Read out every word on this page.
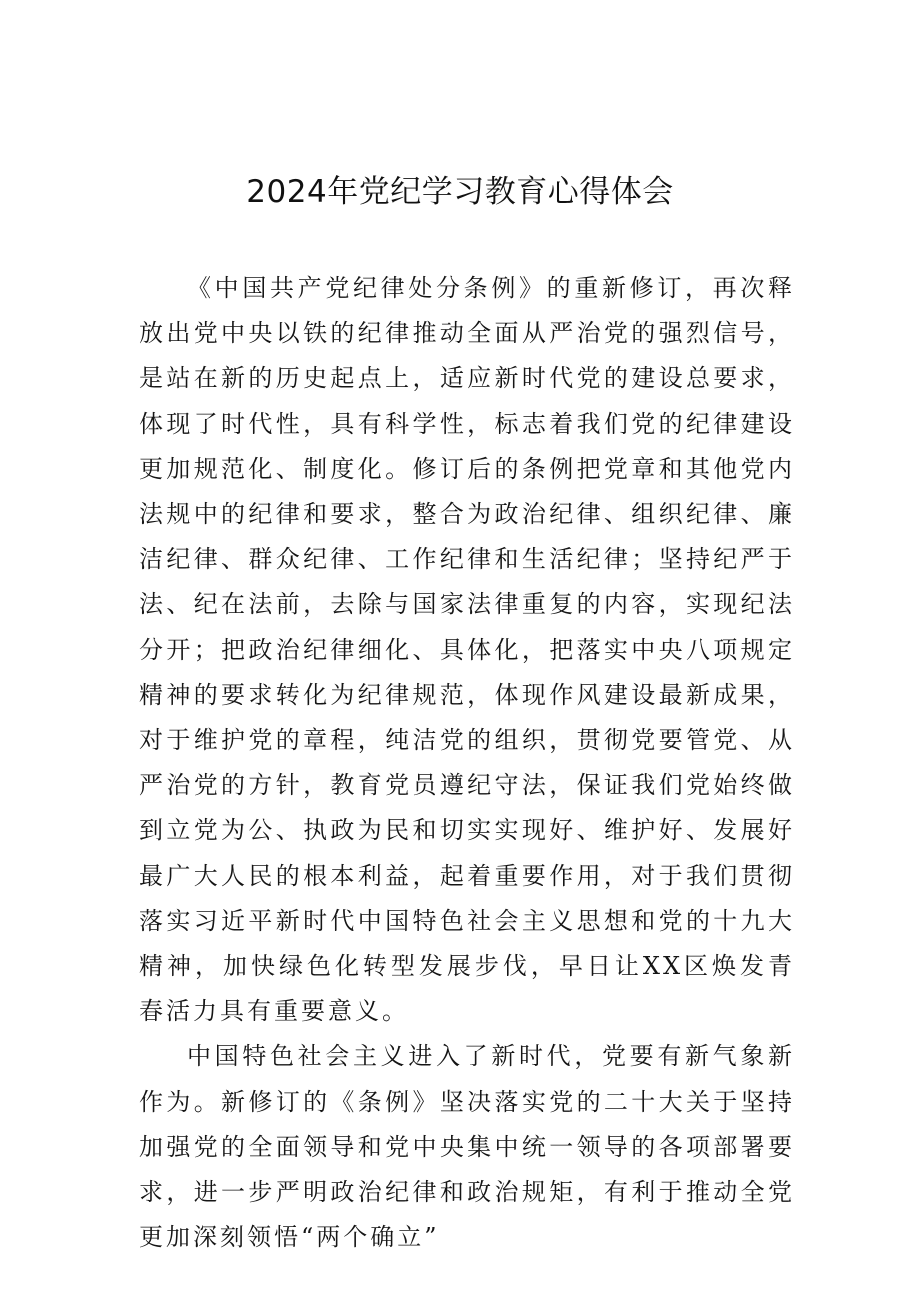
2024年党纪学习教育心得体会

《中国共产党纪律处分条例》的重新修订，再次释放出党中央以铁的纪律推动全面从严治党的强烈信号，是站在新的历史起点上，适应新时代党的建设总要求，体现了时代性，具有科学性，标志着我们党的纪律建设更加规范化、制度化。修订后的条例把党章和其他党内法规中的纪律和要求，整合为政治纪律、组织纪律、廉洁纪律、群众纪律、工作纪律和生活纪律；坚持纪严于法、纪在法前，去除与国家法律重复的内容，实现纪法分开；把政治纪律细化、具体化，把落实中央八项规定精神的要求转化为纪律规范，体现作风建设最新成果，对于维护党的章程，纯洁党的组织，贯彻党要管党、从严治党的方针，教育党员遵纪守法，保证我们党始终做到立党为公、执政为民和切实实现好、维护好、发展好最广大人民的根本利益，起着重要作用，对于我们贯彻落实习近平新时代中国特色社会主义思想和党的十九大精神，加快绿色化转型发展步伐，早日让XX区焕发青春活力具有重要意义。

中国特色社会主义进入了新时代，党要有新气象新作为。新修订的《条例》坚决落实党的二十大关于坚持加强党的全面领导和党中央集中统一领导的各项部署要求，进一步严明政治纪律和政治规矩，有利于推动全党更加深刻领悟“两个确立”
